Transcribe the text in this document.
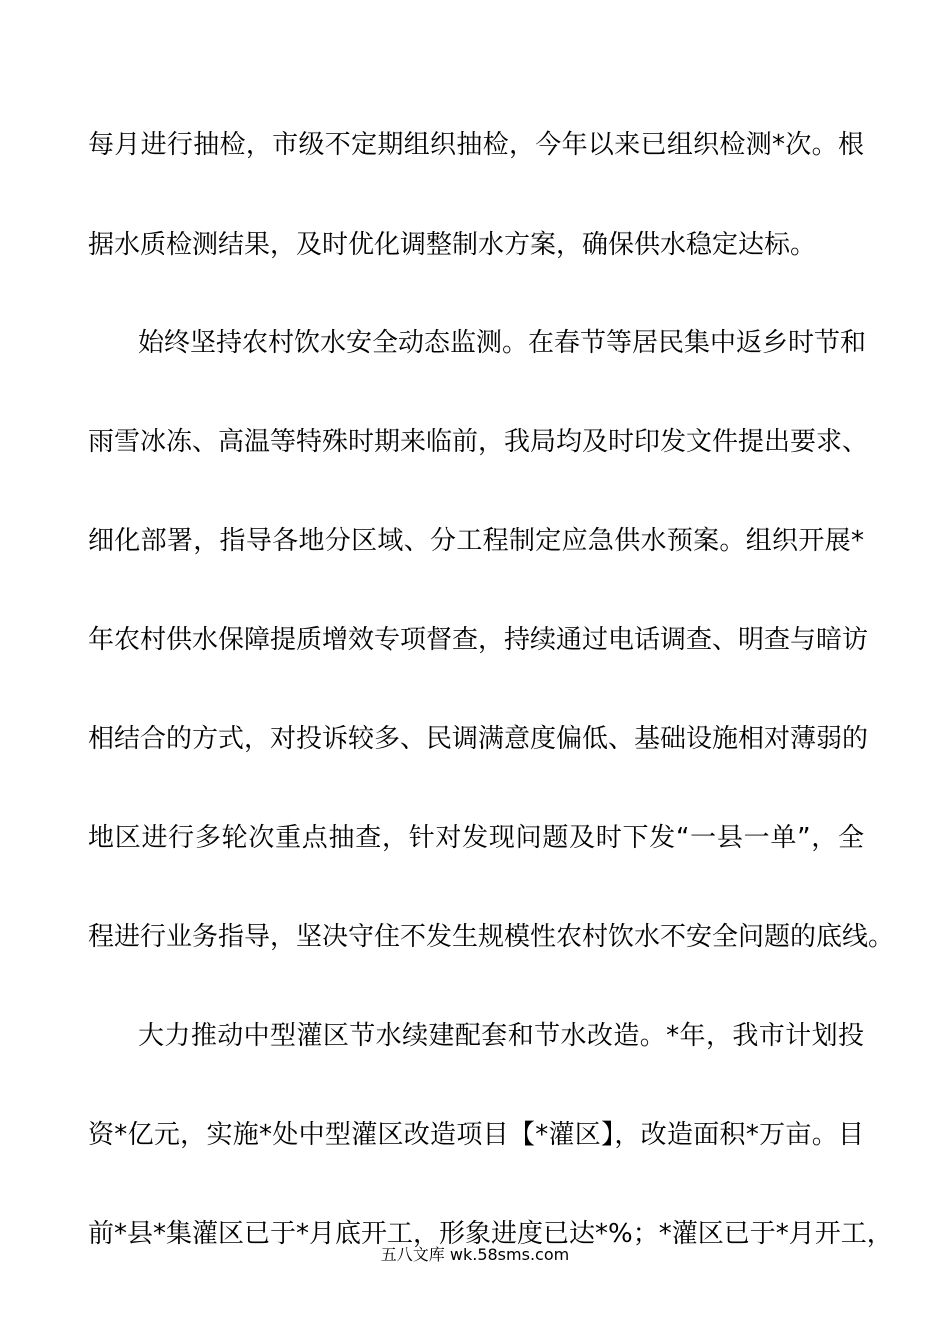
每月进行抽检，市级不定期组织抽检，今年以来已组织检测*次。根
据水质检测结果，及时优化调整制水方案，确保供水稳定达标。
始终坚持农村饮水安全动态监测。在春节等居民集中返乡时节和
雨雪冰冻、高温等特殊时期来临前，我局均及时印发文件提出要求、
细化部署，指导各地分区域、分工程制定应急供水预案。组织开展*
年农村供水保障提质增效专项督查，持续通过电话调查、明查与暗访
相结合的方式，对投诉较多、民调满意度偏低、基础设施相对薄弱的
地区进行多轮次重点抽查，针对发现问题及时下发“一县一单”，全
程进行业务指导，坚决守住不发生规模性农村饮水不安全问题的底线。
大力推动中型灌区节水续建配套和节水改造。*年，我市计划投
资*亿元，实施*处中型灌区改造项目【*灌区】，改造面积*万亩。目
前*县*集灌区已于*月底开工，形象进度已达*%；*灌区已于*月开工，
五八文库 wk.58sms.com
